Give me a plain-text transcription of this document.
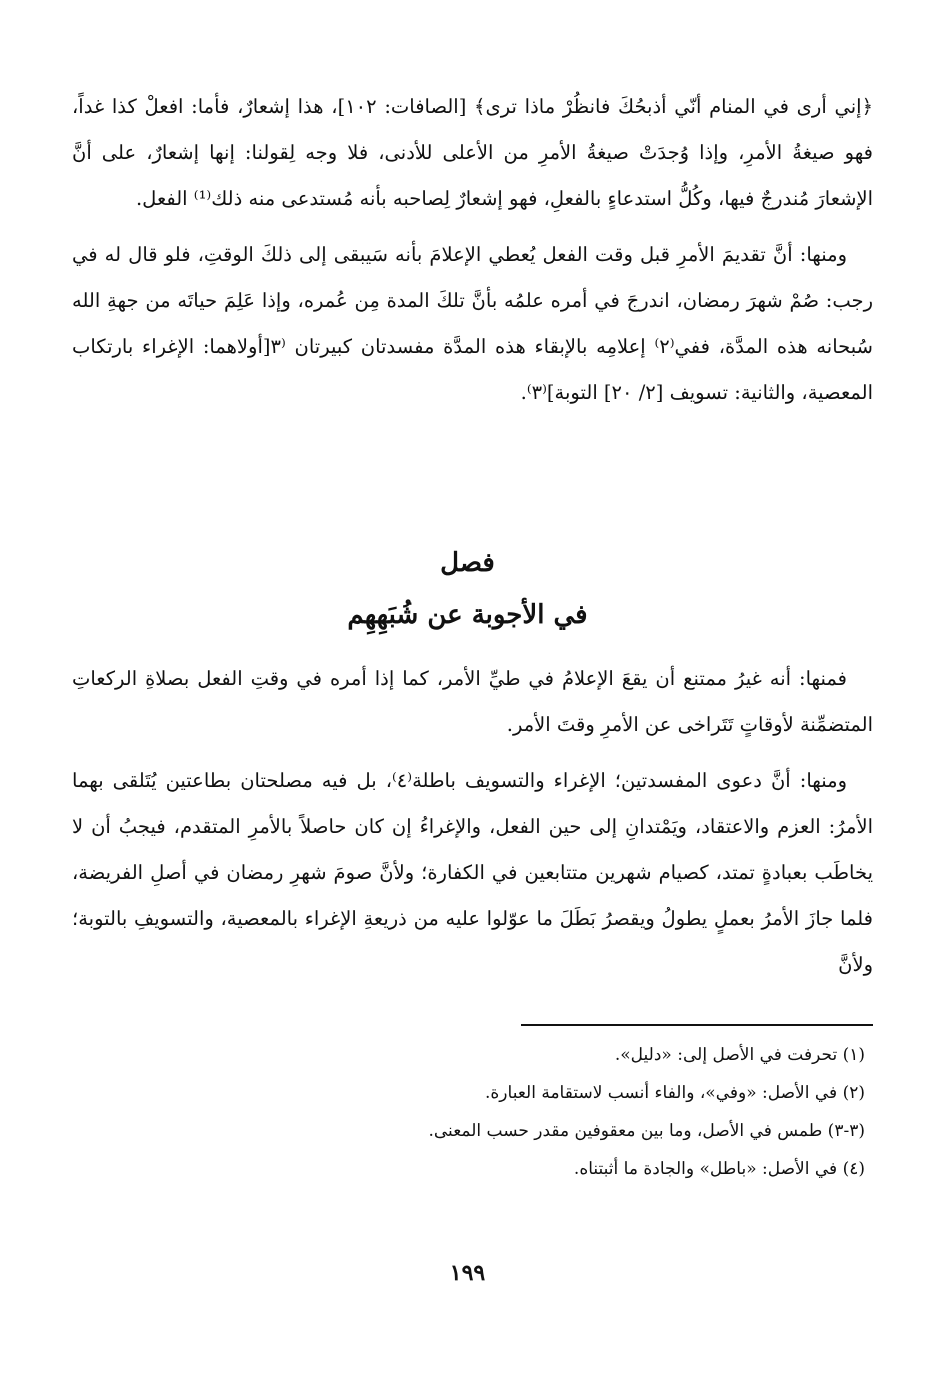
﴿إني أرى في المنام أنّي أذبحُكَ فانظُرْ ماذا ترى﴾ [الصافات: ١٠٢]، هذا إشعارٌ، فأما: افعلْ كذا غداً، فهو صيغةُ الأمرِ، وإذا وُجدَتْ صيغةُ الأمرِ من الأعلى للأدنى، فلا وجه لِقولنا: إنها إشعارٌ، على أنَّ الإشعارَ مُندرجٌ فيها، وكُلُّ استدعاءٍ بالفعلِ، فهو إشعارٌ لِصاحبه بأنه مُستدعى منه ذلك⁽¹⁾ الفعل.

ومنها: أنَّ تقديمَ الأمرِ قبل وقت الفعل يُعطي الإعلامَ بأنه سَيبقى إلى ذلكَ الوقتِ، فلو قال له في رجب: صُمْ شهرَ رمضان، اندرجَ في أمره علمُه بأنَّ تلكَ المدة مِن عُمره، وإذا عَلِمَ حياتَه من جهةِ الله سُبحانه هذه المدَّة، ففي⁽٢⁾ إعلامِه بالإبقاء هذه المدَّة مفسدتان كبيرتان ⁽٣[أولاهما: الإغراء بارتكاب المعصية، والثانية: تسويف [٢/ ٢٠] التوبة]⁽٣⁾.

فصل
في الأجوبة عن شُبَهِهِم

فمنها: أنه غيرُ ممتنع أن يقعَ الإعلامُ في طيِّ الأمر، كما إذا أمره في وقتِ الفعل بصلاةِ الركعاتِ المتضمِّنة لأوقاتٍ تَتَراخى عن الأمرِ وقتَ الأمر.

ومنها: أنَّ دعوى المفسدتين؛ الإغراء والتسويف باطلة⁽٤⁾، بل فيه مصلحتان بطاعتين يُتَلقى بهما الأمرُ: العزم والاعتقاد، ويَمْتدانِ إلى حين الفعل، والإغراءُ إن كان حاصلاً بالأمرِ المتقدم، فيجبُ أن لا يخاطَب بعبادةٍ تمتد، كصيام شهرين متتابعين في الكفارة؛ ولأنَّ صومَ شهرِ رمضان في أصلِ الفريضة، فلما جازَ الأمرُ بعملٍ يطولُ ويقصرُ بَطَلَ ما عوّلوا عليه من ذريعةِ الإغراء بالمعصية، والتسويفِ بالتوبة؛ ولأنَّ

(١) تحرفت في الأصل إلى: «دليل».

(٢) في الأصل: «وفي»، والفاء أنسب لاستقامة العبارة.

(٣-٣) طمس في الأصل، وما بين معقوفين مقدر حسب المعنى.

(٤) في الأصل: «باطل» والجادة ما أثبتناه.

١٩٩
